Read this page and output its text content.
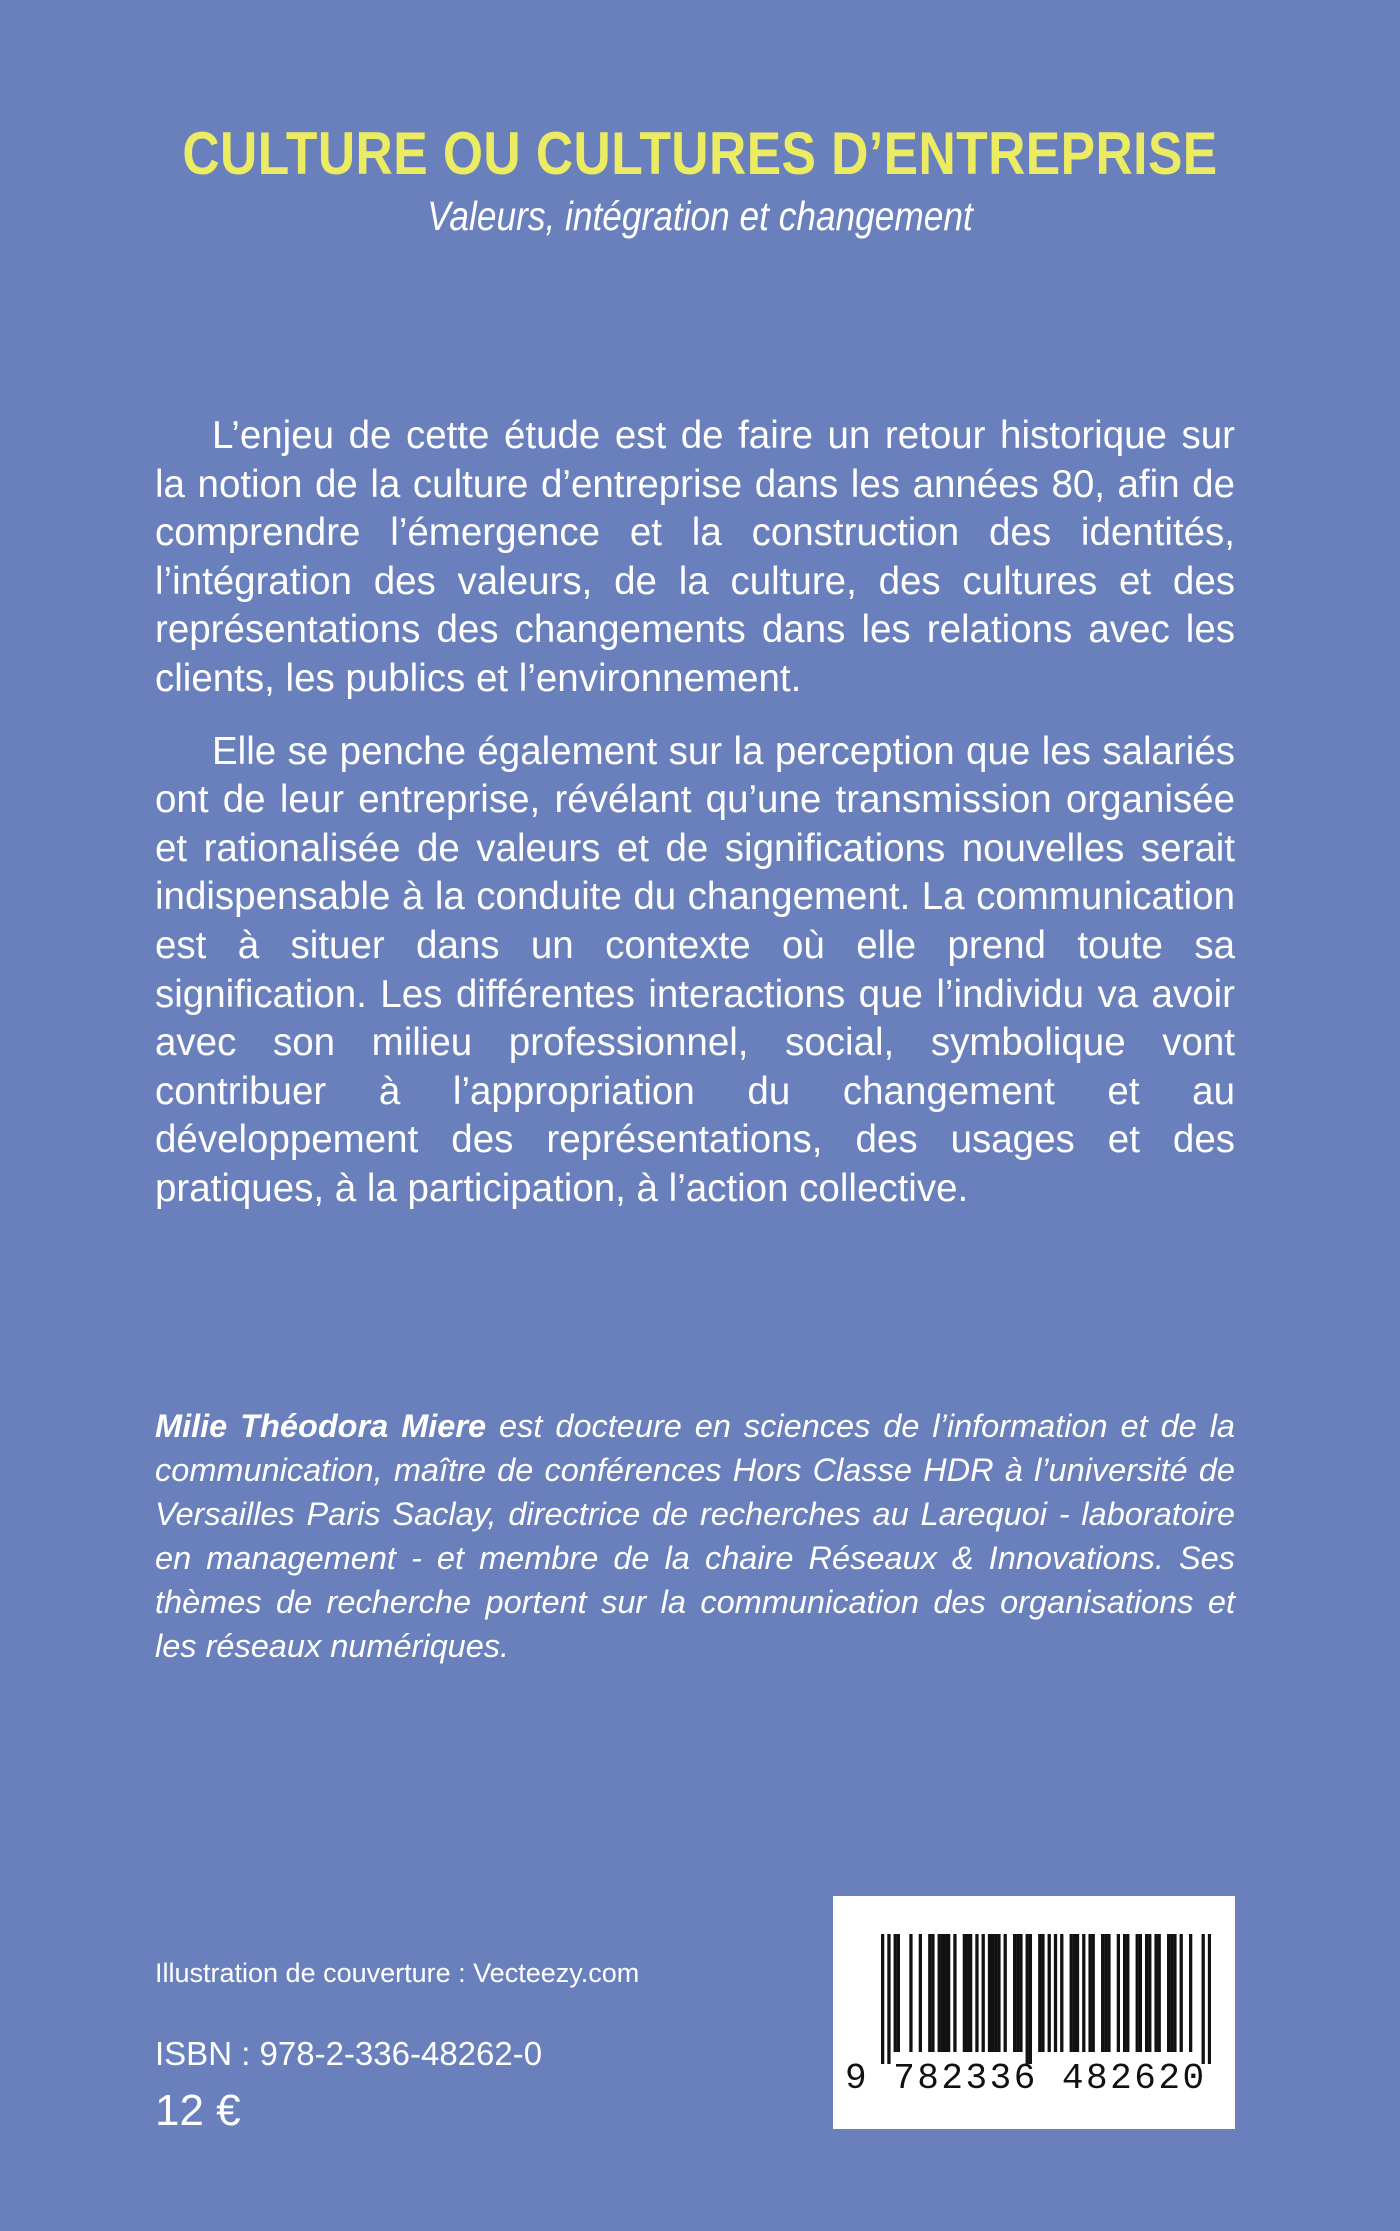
CULTURE OU CULTURES D’ENTREPRISE
Valeurs, intégration et changement

L’enjeu de cette étude est de faire un retour historique sur la notion de la culture d’entreprise dans les années 80, afin de comprendre l’émergence et la construction des identités, l’intégration des valeurs, de la culture, des cultures et des représentations des changements dans les relations avec les clients, les publics et l’environnement.

Elle se penche également sur la perception que les salariés ont de leur entreprise, révélant qu’une transmission organisée et rationalisée de valeurs et de significations nouvelles serait indispensable à la conduite du changement. La communication est à situer dans un contexte où elle prend toute sa signification. Les différentes interactions que l’individu va avoir avec son milieu professionnel, social, symbolique vont contribuer à l’appropriation du changement et au développement des représentations, des usages et des pratiques, à la participation, à l’action collective.

Milie Théodora Miere est docteure en sciences de l’information et de la communication, maître de conférences Hors Classe HDR à l’université de Versailles Paris Saclay, directrice de recherches au Larequoi - laboratoire en management - et membre de la chaire Réseaux & Innovations. Ses thèmes de recherche portent sur la communication des organisations et les réseaux numériques.
Illustration de couverture : Vecteezy.com
ISBN : 978-2-336-48262-0
12 €
9 782336 482620
